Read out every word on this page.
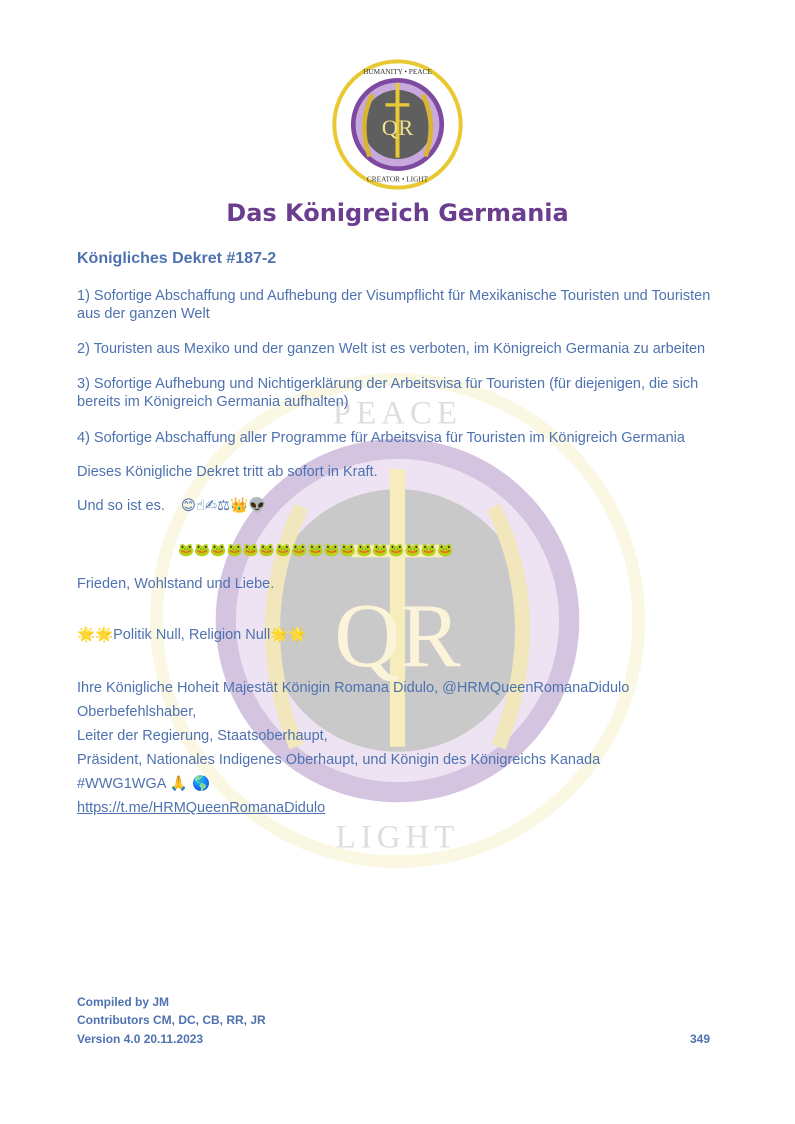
QR
PEACE
LIGHT
QR
HUMANITY • PEACE
CREATOR • LIGHT
Das Königreich Germania
Königliches Dekret #187-2
1) Sofortige Abschaffung und Aufhebung der Visumpflicht für Mexikanische Touristen und Touristen aus der ganzen Welt
2) Touristen aus Mexiko und der ganzen Welt ist es verboten, im Königreich Germania zu arbeiten
3) Sofortige Aufhebung und Nichtigerklärung der Arbeitsvisa für Touristen (für diejenigen, die sich bereits im Königreich Germania aufhalten)
4) Sofortige Abschaffung aller Programme für Arbeitsvisa für Touristen im Königreich Germania
Dieses Königliche Dekret tritt ab sofort in Kraft.
Und so ist es. 😊☝✍⚖👑👽
🐸🐸🐸🐸🐸🐸🐸🐸🐸🐸🐸🐸🐸🐸🐸🐸🐸
Frieden, Wohlstand und Liebe.
🌟🌟Politik Null, Religion Null🌟🌟
Ihre Königliche Hoheit Majestät Königin Romana Didulo, @HRMQueenRomanaDidulo
Oberbefehlshaber,
Leiter der Regierung, Staatsoberhaupt,
Präsident, Nationales Indigenes Oberhaupt, und Königin des Königreichs Kanada
#WWG1WGA 🙏 🌎
https://t.me/HRMQueenRomanaDidulo
Compiled by JM
Contributors CM, DC, CB, RR, JR
Version 4.0 20.11.2023	349
